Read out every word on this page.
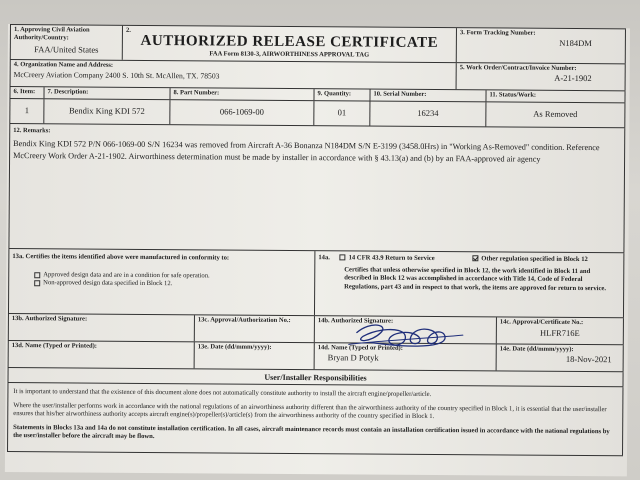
1. Approving Civil Aviation Authority/Country:
FAA/United States
2.
AUTHORIZED RELEASE CERTIFICATE
FAA Form 8130-3, AIRWORTHINESS APPROVAL TAG
3. Form Tracking Number:
N184DM
4. Organization Name and Address:
McCreery Aviation Company 2400 S. 10th St. McAllen, TX. 78503
5. Work Order/Contract/Invoice Number:
A-21-1902
6. Item:	7. Description:	8. Part Number:	9. Quantity:	10. Serial Number:	11. Status/Work:
1	Bendix King KDI 572	066-1069-00	01	16234	As Removed
12. Remarks:
Bendix King KDI 572 P/N 066-1069-00 S/N 16234 was removed from Aircraft A-36 Bonanza N184DM S/N E-3199 (3458.0Hrs) in "Working As-Removed" condition. Reference McCreery Work Order A-21-1902. Airworthiness determination must be made by installer in accordance with § 43.13(a) and (b) by an FAA-approved air agency
13a. Certifies the items identified above were manufactured in conformity to:
Approved design data and are in a condition for safe operation.
Non-approved design data specified in Block 12.
14a.	14 CFR 43.9 Return to Service	Other regulation specified in Block 12
Certifies that unless otherwise specified in Block 12, the work identified in Block 11 and described in Block 12 was accomplished in accordance with Title 14, Code of Federal Regulations, part 43 and in respect to that work, the items are approved for return to service.
13b. Authorized Signature:	13c. Approval/Authorization No.:	14b. Authorized Signature:	14c. Approval/Certificate No.:
HLFR716E
13d. Name (Typed or Printed):	13e. Date (dd/mmm/yyyy):	14d. Name (Typed or Printed):
Bryan D Potyk
14e. Date (dd/mmm/yyyy):
18-Nov-2021
User/Installer Responsibilities

It is important to understand that the existence of this document alone does not automatically constitute authority to install the aircraft engine/propeller/article.

Where the user/installer performs work in accordance with the national regulations of an airworthiness authority different than the airworthiness authority of the country specified in Block 1, it is essential that the user/installer ensures that his/her airworthiness authority accepts aircraft engine(s)/propeller(s)/article(s) from the airworthiness authority of the country specified in Block 1.

Statements in Blocks 13a and 14a do not constitute installation certification. In all cases, aircraft maintenance records must contain an installation certification issued in accordance with the national regulations by the user/installer before the aircraft may be flown.
